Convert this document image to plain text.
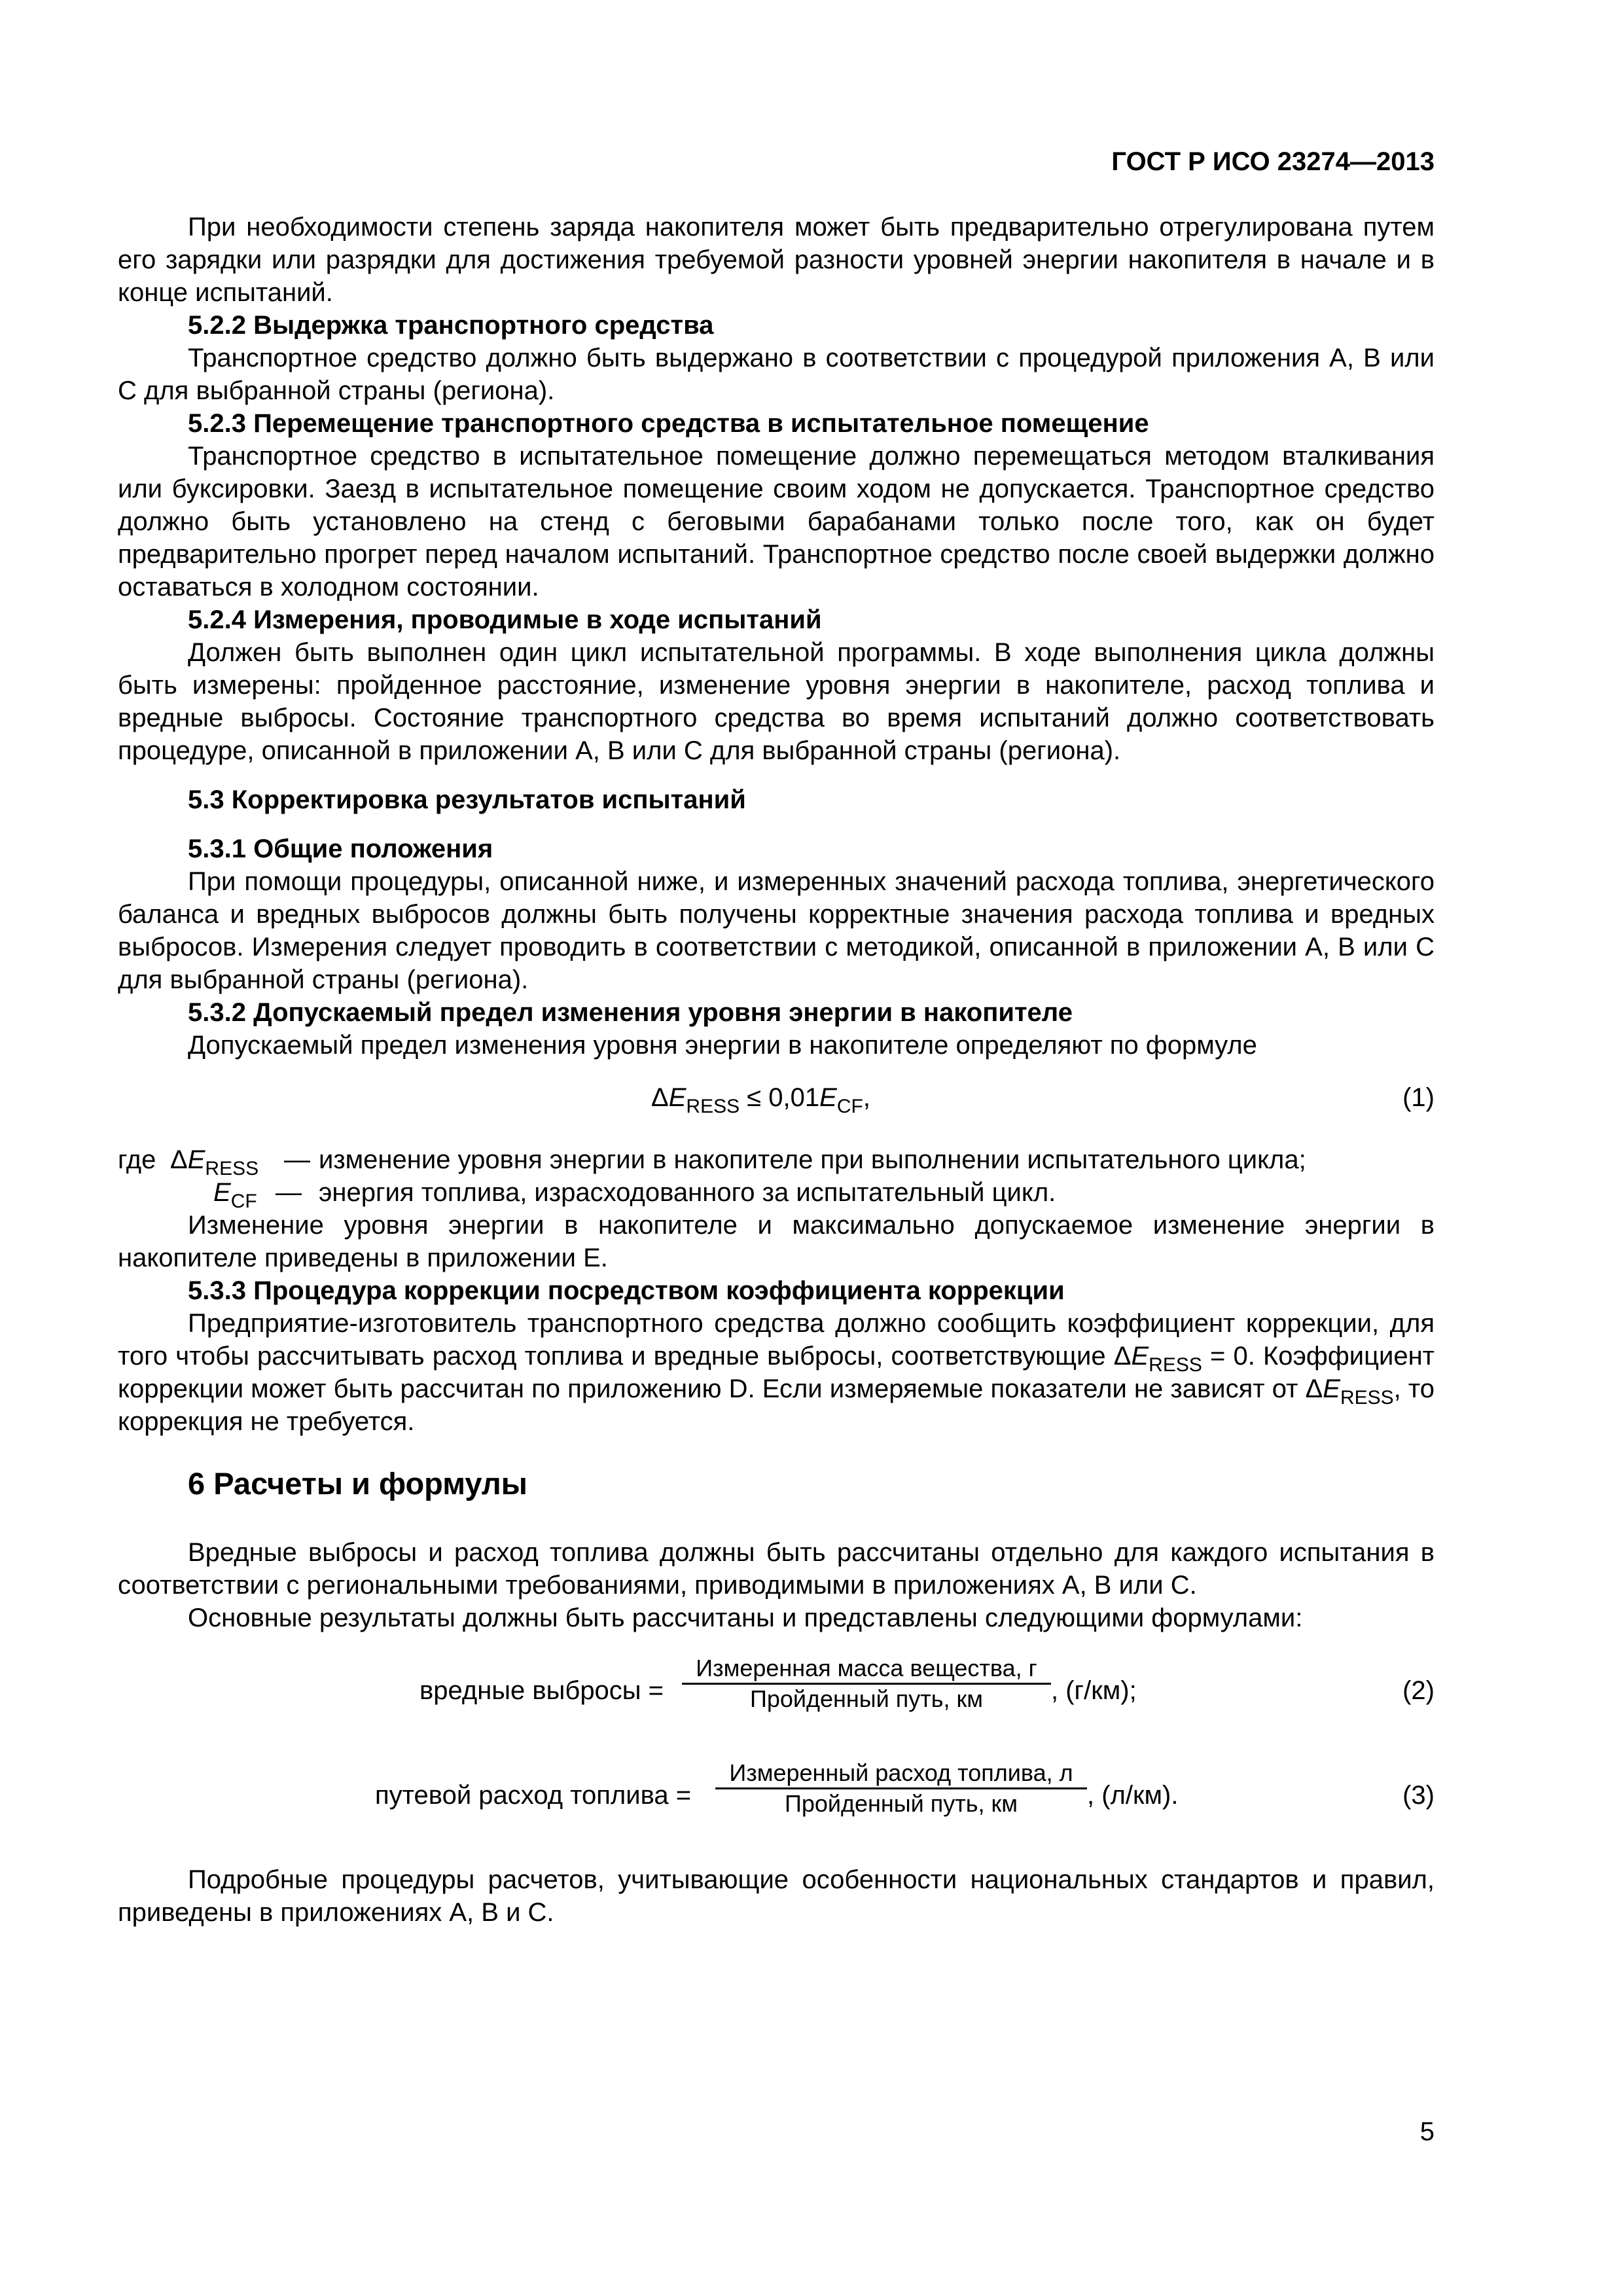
ГОСТ Р ИСО 23274—2013

При необходимости степень заряда накопителя может быть предварительно отрегулирована путем его зарядки или разрядки для достижения требуемой разности уровней энергии накопителя в начале и в конце испытаний.

5.2.2 Выдержка транспортного средства

Транспортное средство должно быть выдержано в соответствии с процедурой приложения A, B или C для выбранной страны (региона).

5.2.3 Перемещение транспортного средства в испытательное помещение

Транспортное средство в испытательное помещение должно перемещаться методом вталкивания или буксировки. Заезд в испытательное помещение своим ходом не допускается. Транспортное средство должно быть установлено на стенд с беговыми барабанами только после того, как он будет предварительно прогрет перед началом испытаний. Транспортное средство после своей выдержки должно оставаться в холодном состоянии.

5.2.4 Измерения, проводимые в ходе испытаний

Должен быть выполнен один цикл испытательной программы. В ходе выполнения цикла должны быть измерены: пройденное расстояние, изменение уровня энергии в накопителе, расход топлива и вредные выбросы. Состояние транспортного средства во время испытаний должно соответствовать процедуре, описанной в приложении A, B или C для выбранной страны (региона).

5.3 Корректировка результатов испытаний

5.3.1 Общие положения

При помощи процедуры, описанной ниже, и измеренных значений расхода топлива, энергетического баланса и вредных выбросов должны быть получены корректные значения расхода топлива и вредных выбросов. Измерения следует проводить в соответствии с методикой, описанной в приложении A, B или C для выбранной страны (региона).

5.3.2 Допускаемый предел изменения уровня энергии в накопителе

Допускаемый предел изменения уровня энергии в накопителе определяют по формуле

$\Delta E_{RESS} \le 0,01E_{CF}$,	(1)
где $\Delta E_{RESS}$ — изменение уровня энергии в накопителе при выполнении испытательного цикла;
$E_{CF}$ — энергия топлива, израсходованного за испытательный цикл.

Изменение уровня энергии в накопителе и максимально допускаемое изменение энергии в накопителе приведены в приложении E.

5.3.3 Процедура коррекции посредством коэффициента коррекции

Предприятие-изготовитель транспортного средства должно сообщить коэффициент коррекции, для того чтобы рассчитывать расход топлива и вредные выбросы, соответствующие $\Delta E_{RESS} = 0$. Коэффициент коррекции может быть рассчитан по приложению D. Если измеряемые показатели не зависят от $\Delta E_{RESS}$, то коррекция не требуется.

6 Расчеты и формулы

Вредные выбросы и расход топлива должны быть рассчитаны отдельно для каждого испытания в соответствии с региональными требованиями, приводимыми в приложениях A, B или C.

Основные результаты должны быть рассчитаны и представлены следующими формулами:

вредные выбросы =
Измеренная масса вещества, г
Пройденный путь, км	, (г/км);	(2)
путевой расход топлива =
Измеренный расход топлива, л
Пройденный путь, км	, (л/км).	(3)

Подробные процедуры расчетов, учитывающие особенности национальных стандартов и правил, приведены в приложениях A, B и C.

5
